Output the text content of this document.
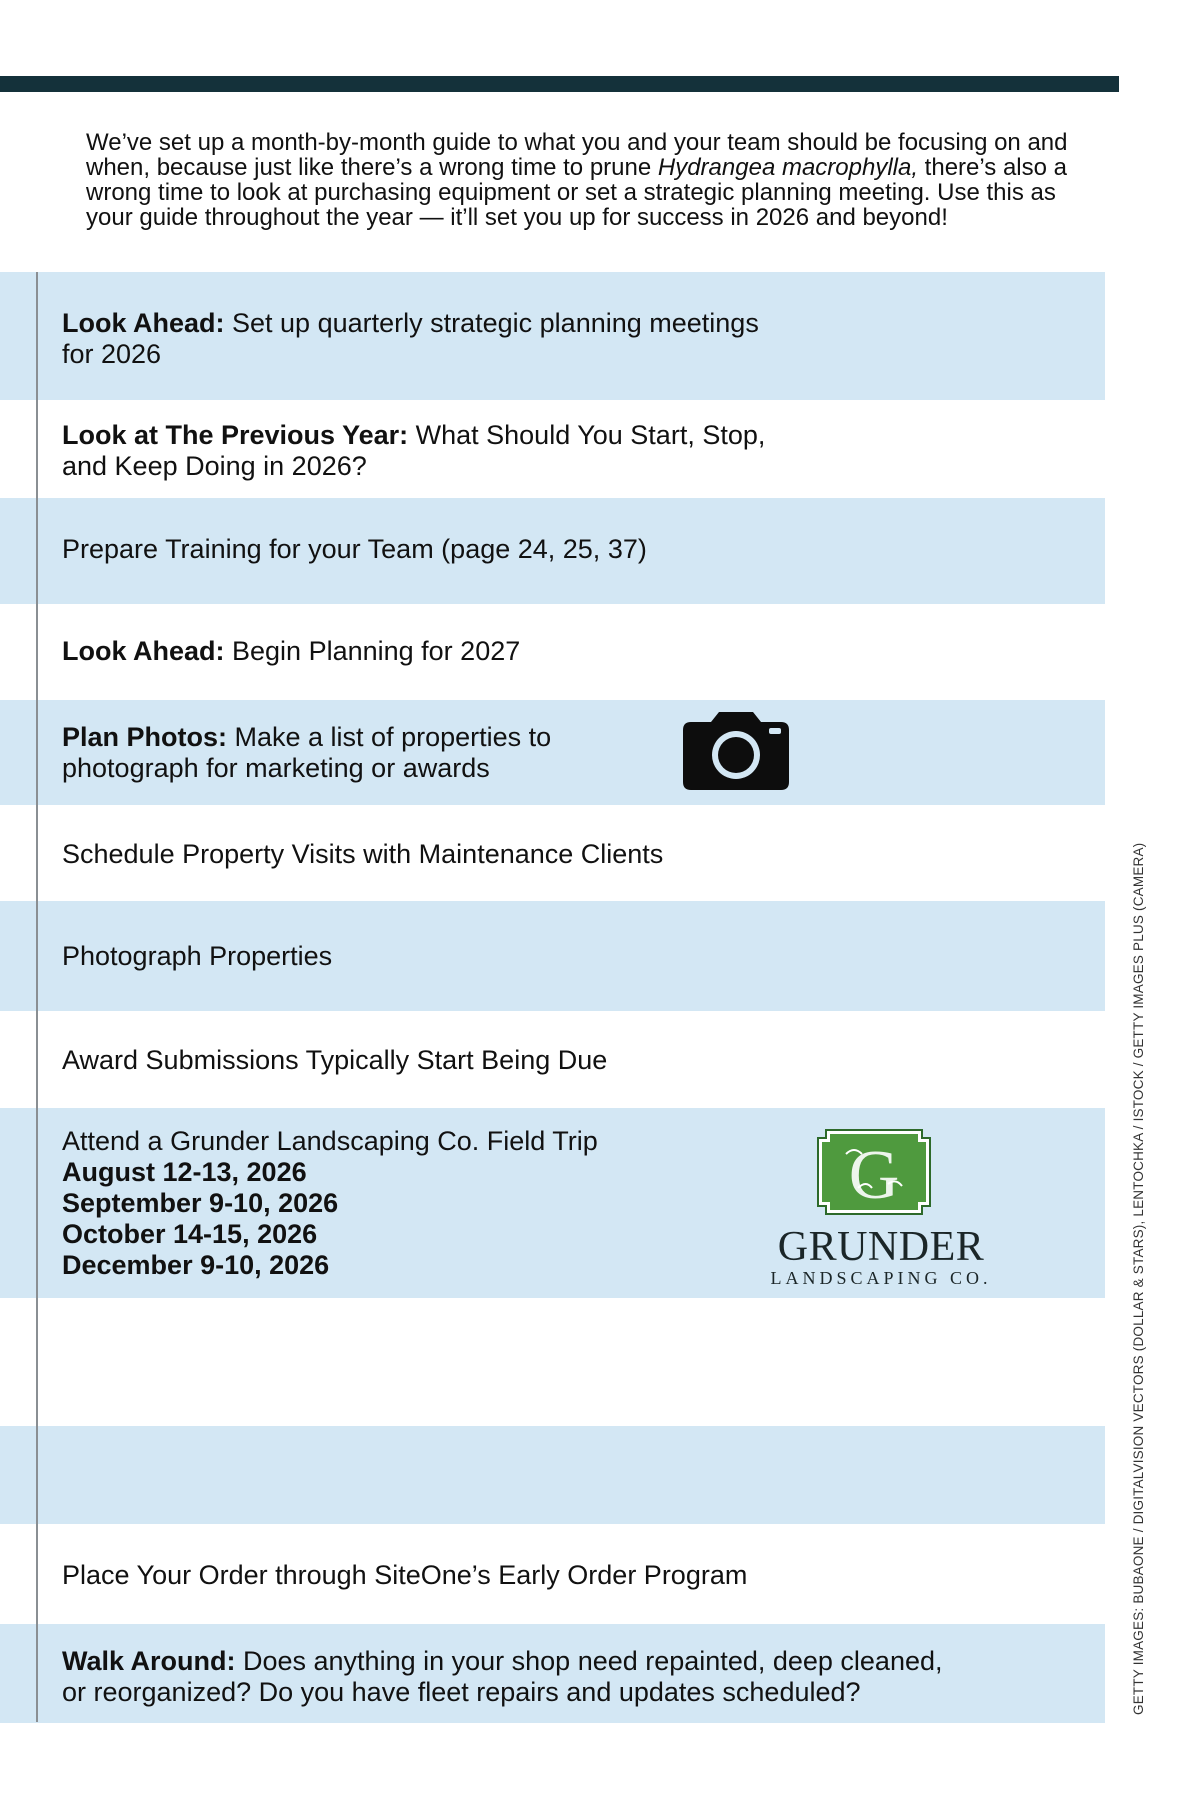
We’ve set up a month-by-month guide to what you and your team should be focusing on and when, because just like there’s a wrong time to prune Hydrangea macrophylla, there’s also a wrong time to look at purchasing equipment or set a strategic planning meeting. Use this as your guide throughout the year — it’ll set you up for success in 2026 and beyond!

Look Ahead: Set up quarterly strategic planning meetings
for 2026
Look at The Previous Year: What Should You Start, Stop,
and Keep Doing in 2026?
Prepare Training for your Team (page 24, 25, 37)
Look Ahead: Begin Planning for 2027
Plan Photos: Make a list of properties to
photograph for marketing or awards
Schedule Property Visits with Maintenance Clients
Photograph Properties
Award Submissions Typically Start Being Due
Attend a Grunder Landscaping Co. Field Trip
August 12-13, 2026
September 9-10, 2026
October 14-15, 2026
December 9-10, 2026
Place Your Order through SiteOne’s Early Order Program
Walk Around: Does anything in your shop need repainted, deep cleaned,
or reorganized? Do you have fleet repairs and updates scheduled?
G
GRUNDER
LANDSCAPING CO.	GETTY IMAGES: BUBAONE / DIGITALVISION VECTORS (DOLLAR & STARS), LENTOCHKA / ISTOCK / GETTY IMAGES PLUS (CAMERA)
